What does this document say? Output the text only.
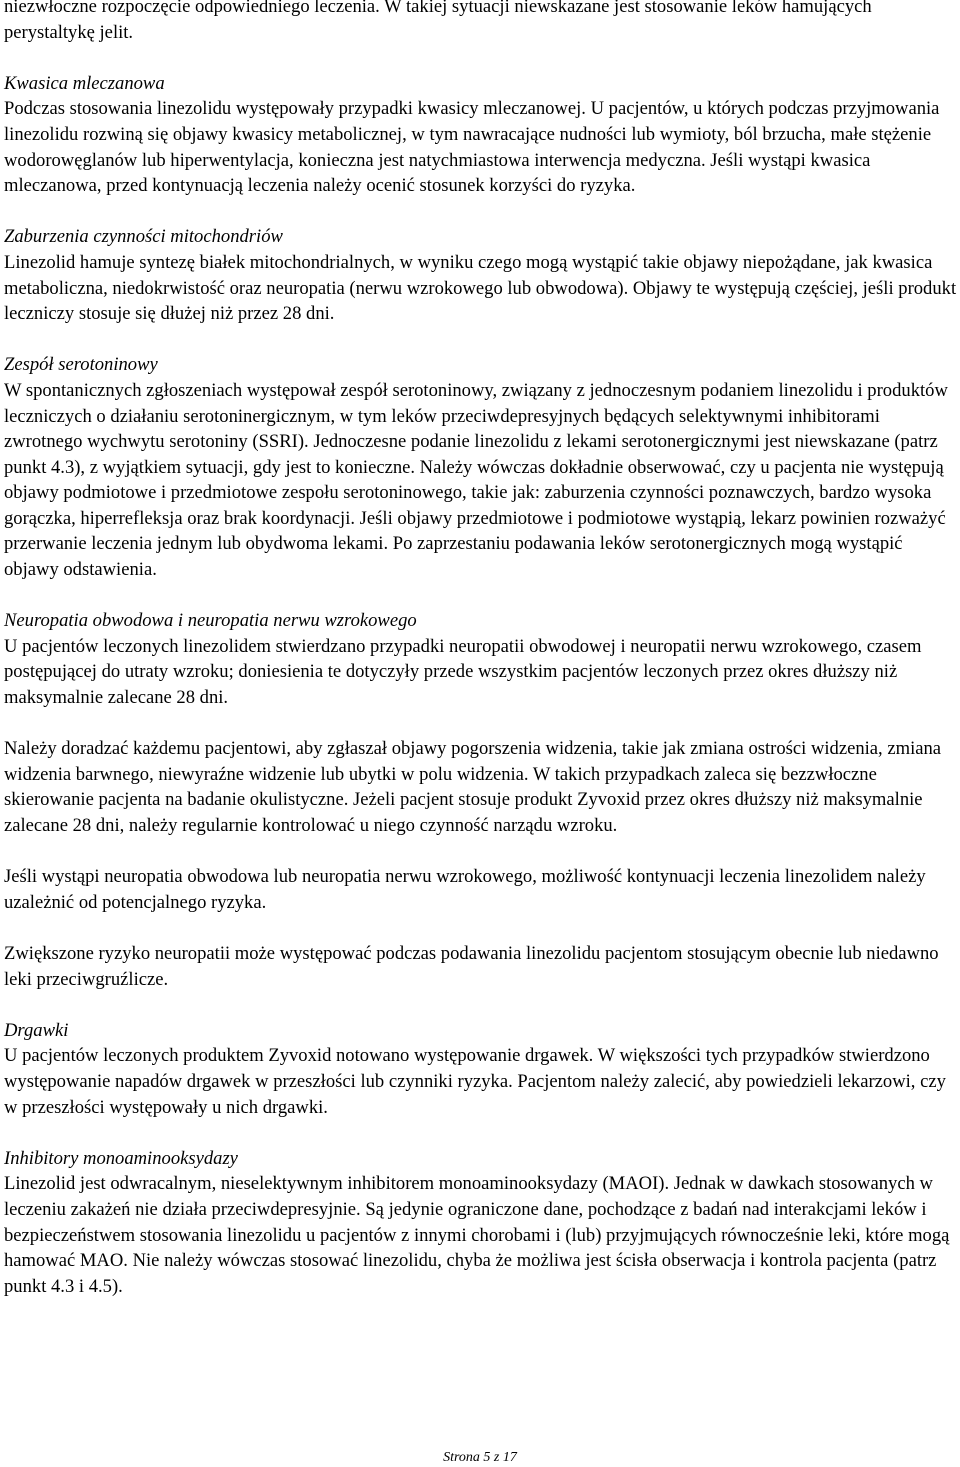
niezwłoczne rozpoczęcie odpowiedniego leczenia. W takiej sytuacji niewskazane jest stosowanie leków hamujących perystaltykę jelit.

Kwasica mleczanowa
Podczas stosowania linezolidu występowały przypadki kwasicy mleczanowej. U pacjentów, u których podczas przyjmowania linezolidu rozwiną się objawy kwasicy metabolicznej, w tym nawracające nudności lub wymioty, ból brzucha, małe stężenie wodorowęglanów lub hiperwentylacja, konieczna jest natychmiastowa interwencja medyczna. Jeśli wystąpi kwasica mleczanowa, przed kontynuacją leczenia należy ocenić stosunek korzyści do ryzyka.

Zaburzenia czynności mitochondriów
Linezolid hamuje syntezę białek mitochondrialnych, w wyniku czego mogą wystąpić takie objawy niepożądane, jak kwasica metaboliczna, niedokrwistość oraz neuropatia (nerwu wzrokowego lub obwodowa). Objawy te występują częściej, jeśli produkt leczniczy stosuje się dłużej niż przez 28 dni.

Zespół serotoninowy
W spontanicznych zgłoszeniach występował zespół serotoninowy, związany z jednoczesnym podaniem linezolidu i produktów leczniczych o działaniu serotoninergicznym, w tym leków przeciwdepresyjnych będących selektywnymi inhibitorami zwrotnego wychwytu serotoniny (SSRI). Jednoczesne podanie linezolidu z lekami serotonergicznymi jest niewskazane (patrz punkt 4.3), z wyjątkiem sytuacji, gdy jest to konieczne. Należy wówczas dokładnie obserwować, czy u pacjenta nie występują objawy podmiotowe i przedmiotowe zespołu serotoninowego, takie jak: zaburzenia czynności poznawczych, bardzo wysoka gorączka, hiperrefleksja oraz brak koordynacji. Jeśli objawy przedmiotowe i podmiotowe wystąpią, lekarz powinien rozważyć przerwanie leczenia jednym lub obydwoma lekami. Po zaprzestaniu podawania leków serotonergicznych mogą wystąpić objawy odstawienia.

Neuropatia obwodowa i neuropatia nerwu wzrokowego
U pacjentów leczonych linezolidem stwierdzano przypadki neuropatii obwodowej i neuropatii nerwu wzrokowego, czasem postępującej do utraty wzroku; doniesienia te dotyczyły przede wszystkim pacjentów leczonych przez okres dłuższy niż maksymalnie zalecane 28 dni.

Należy doradzać każdemu pacjentowi, aby zgłaszał objawy pogorszenia widzenia, takie jak zmiana ostrości widzenia, zmiana widzenia barwnego, niewyraźne widzenie lub ubytki w polu widzenia. W takich przypadkach zaleca się bezzwłoczne skierowanie pacjenta na badanie okulistyczne. Jeżeli pacjent stosuje produkt Zyvoxid przez okres dłuższy niż maksymalnie zalecane 28 dni, należy regularnie kontrolować u niego czynność narządu wzroku.

Jeśli wystąpi neuropatia obwodowa lub neuropatia nerwu wzrokowego, możliwość kontynuacji leczenia linezolidem należy uzależnić od potencjalnego ryzyka.

Zwiększone ryzyko neuropatii może występować podczas podawania linezolidu pacjentom stosującym obecnie lub niedawno leki przeciwgruźlicze.

Drgawki
U pacjentów leczonych produktem Zyvoxid notowano występowanie drgawek. W większości tych przypadków stwierdzono występowanie napadów drgawek w przeszłości lub czynniki ryzyka. Pacjentom należy zalecić, aby powiedzieli lekarzowi, czy w przeszłości występowały u nich drgawki.

Inhibitory monoaminooksydazy
Linezolid jest odwracalnym, nieselektywnym inhibitorem monoaminooksydazy (MAOI). Jednak w dawkach stosowanych w leczeniu zakażeń nie działa przeciwdepresyjnie. Są jedynie ograniczone dane, pochodzące z badań nad interakcjami leków i bezpieczeństwem stosowania linezolidu u pacjentów z innymi chorobami i (lub) przyjmujących równocześnie leki, które mogą hamować MAO. Nie należy wówczas stosować linezolidu, chyba że możliwa jest ścisła obserwacja i kontrola pacjenta (patrz punkt 4.3 i 4.5).

Strona 5 z 17
